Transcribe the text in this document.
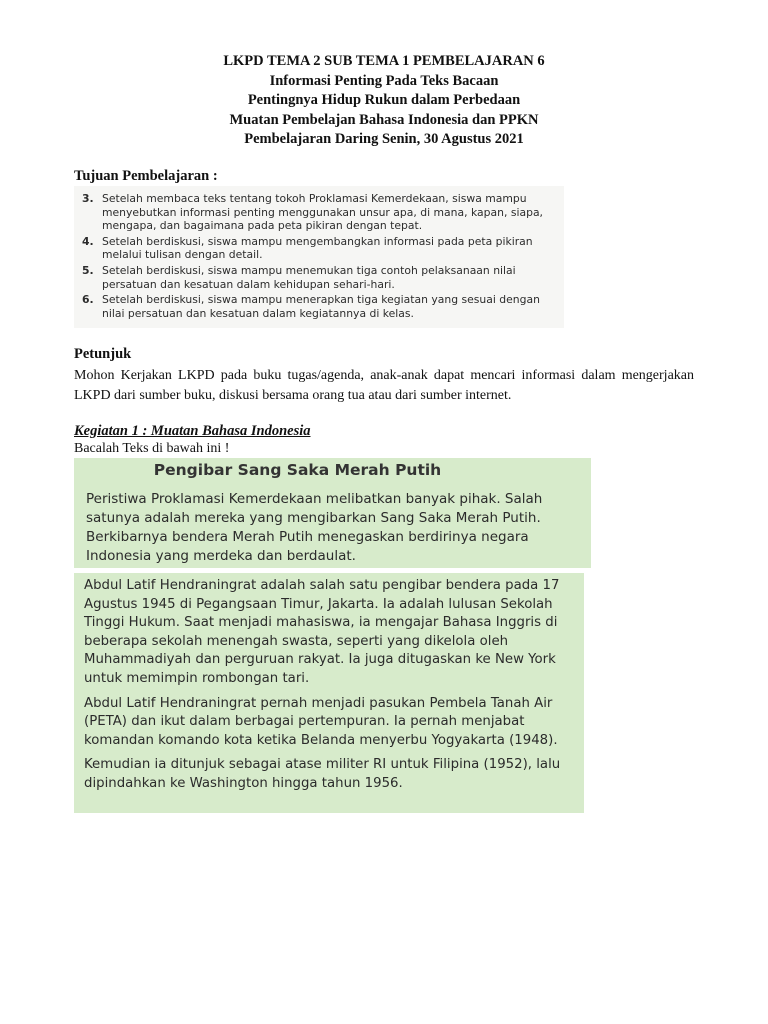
LKPD TEMA 2 SUB TEMA 1 PEMBELAJARAN 6
Informasi Penting Pada Teks Bacaan
Pentingnya Hidup Rukun dalam Perbedaan
Muatan Pembelajan Bahasa Indonesia dan PPKN
Pembelajaran Daring Senin, 30 Agustus 2021
Tujuan Pembelajaran :
3. Setelah membaca teks tentang tokoh Proklamasi Kemerdekaan, siswa mampu menyebutkan informasi penting menggunakan unsur apa, di mana, kapan, siapa, mengapa, dan bagaimana pada peta pikiran dengan tepat.
4. Setelah berdiskusi, siswa mampu mengembangkan informasi pada peta pikiran melalui tulisan dengan detail.
5. Setelah berdiskusi, siswa mampu menemukan tiga contoh pelaksanaan nilai persatuan dan kesatuan dalam kehidupan sehari-hari.
6. Setelah berdiskusi, siswa mampu menerapkan tiga kegiatan yang sesuai dengan nilai persatuan dan kesatuan dalam kegiatannya di kelas.
Petunjuk
Mohon Kerjakan LKPD pada buku tugas/agenda, anak-anak dapat mencari informasi dalam mengerjakan LKPD dari sumber buku, diskusi bersama orang tua atau dari sumber internet.
Kegiatan 1 : Muatan Bahasa Indonesia
Bacalah Teks di bawah ini !
Pengibar Sang Saka Merah Putih
Peristiwa Proklamasi Kemerdekaan melibatkan banyak pihak. Salah satunya adalah mereka yang mengibarkan Sang Saka Merah Putih. Berkibarnya bendera Merah Putih menegaskan berdirinya negara Indonesia yang merdeka dan berdaulat.
Abdul Latif Hendraningrat adalah salah satu pengibar bendera pada 17 Agustus 1945 di Pegangsaan Timur, Jakarta. Ia adalah lulusan Sekolah Tinggi Hukum. Saat menjadi mahasiswa, ia mengajar Bahasa Inggris di beberapa sekolah menengah swasta, seperti yang dikelola oleh Muhammadiyah dan perguruan rakyat. Ia juga ditugaskan ke New York untuk memimpin rombongan tari.
Abdul Latif Hendraningrat pernah menjadi pasukan Pembela Tanah Air (PETA) dan ikut dalam berbagai pertempuran. Ia pernah menjabat komandan komando kota ketika Belanda menyerbu Yogyakarta (1948).
Kemudian ia ditunjuk sebagai atase militer RI untuk Filipina (1952), lalu dipindahkan ke Washington hingga tahun 1956.
